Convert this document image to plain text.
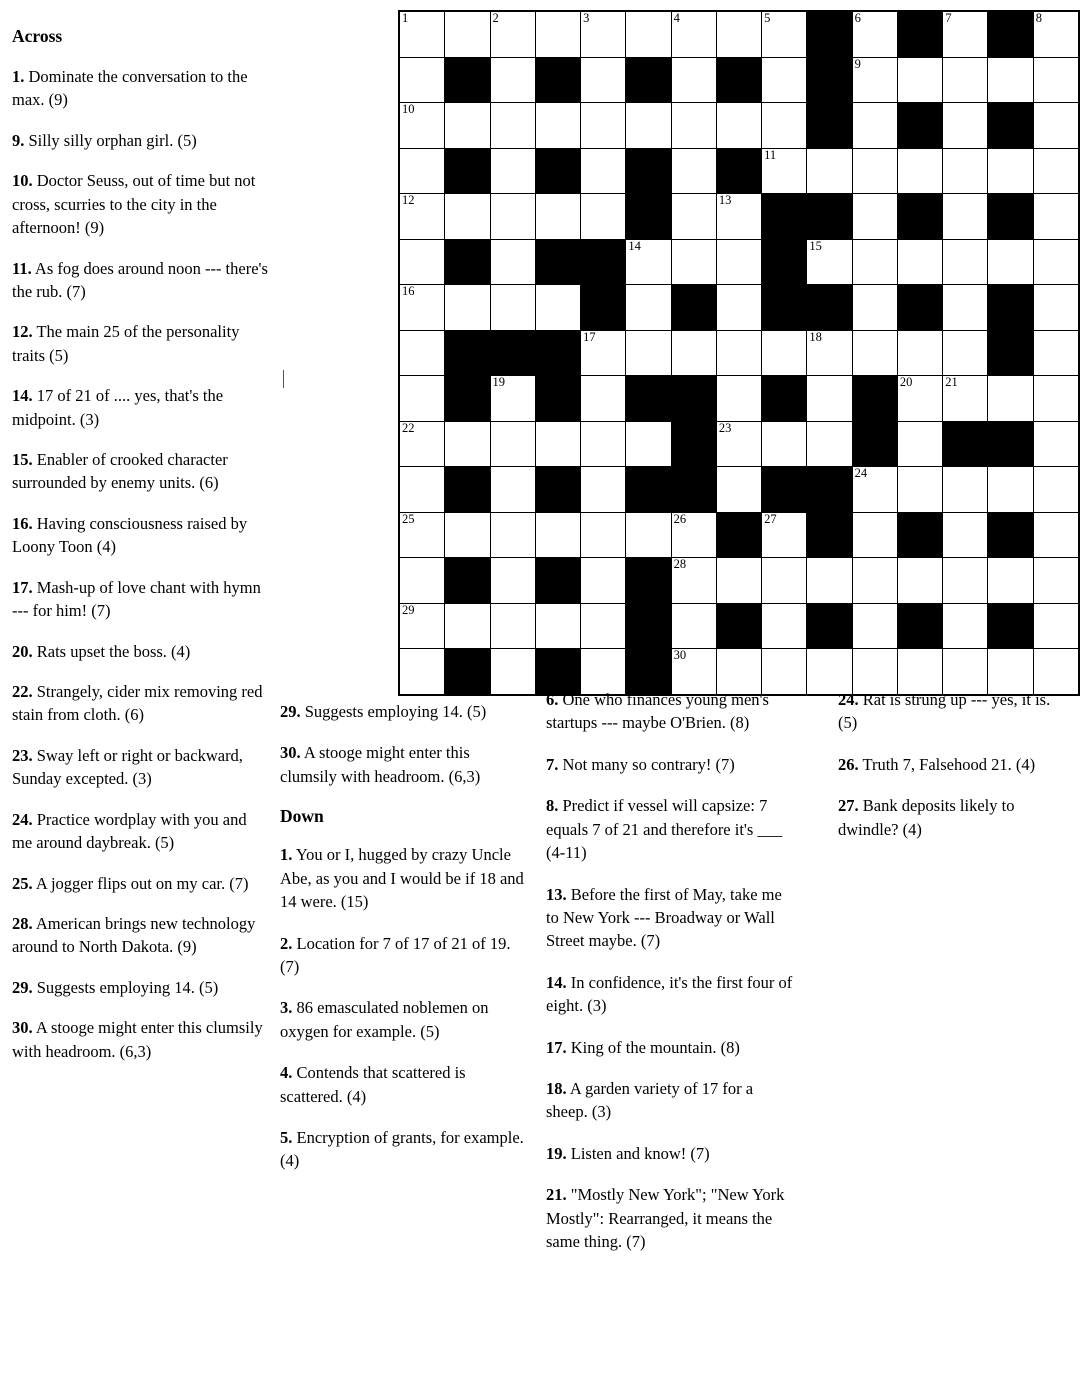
Across
1. Dominate the conversation to the max. (9)
9. Silly silly orphan girl. (5)
10. Doctor Seuss, out of time but not cross, scurries to the city in the afternoon! (9)
11. As fog does around noon --- there's the rub. (7)
12. The main 25 of the personality traits (5)
14. 17 of 21 of .... yes, that's the midpoint. (3)
15. Enabler of crooked character surrounded by enemy units. (6)
16. Having consciousness raised by Loony Toon (4)
17. Mash-up of love chant with hymn --- for him! (7)
20. Rats upset the boss. (4)
22. Strangely, cider mix removing red stain from cloth. (6)
23. Sway left or right or backward, Sunday excepted. (3)
24. Practice wordplay with you and me around daybreak. (5)
25. A jogger flips out on my car. (7)
28. American brings new technology around to North Dakota. (9)
29. Suggests employing 14. (5)
30. A stooge might enter this clumsily with headroom. (6,3)
1		2		3		4		5		6		7		8

										9				

10														

								11						

12							13							

					14				15					

16														

				17					18					

		19									20	21		

22							23							

										24				

25						26		27						

						28								

29														

						30								

29. Suggests employing 14. (5)
30. A stooge might enter this clumsily with headroom. (6,3)
Down
1. You or I, hugged by crazy Uncle Abe, as you and I would be if 18 and 14 were. (15)
2. Location for 7 of 17 of 21 of 19. (7)
3. 86 emasculated noblemen on oxygen for example. (5)
4. Contends that scattered is scattered. (4)
5. Encryption of grants, for example. (4)
6. One who finances young men's startups --- maybe O'Brien. (8)
7. Not many so contrary! (7)
8. Predict if vessel will capsize: 7 equals 7 of 21 and therefore it's ___ (4-11)
13. Before the first of May, take me to New York --- Broadway or Wall Street maybe. (7)
14. In confidence, it's the first four of eight. (3)
17. King of the mountain. (8)
18. A garden variety of 17 for a sheep. (3)
19. Listen and know! (7)
21. "Mostly New York"; "New York Mostly": Rearranged, it means the same thing. (7)
24. Rat is strung up --- yes, it is. (5)
26. Truth 7, Falsehood 21. (4)
27. Bank deposits likely to dwindle? (4)
